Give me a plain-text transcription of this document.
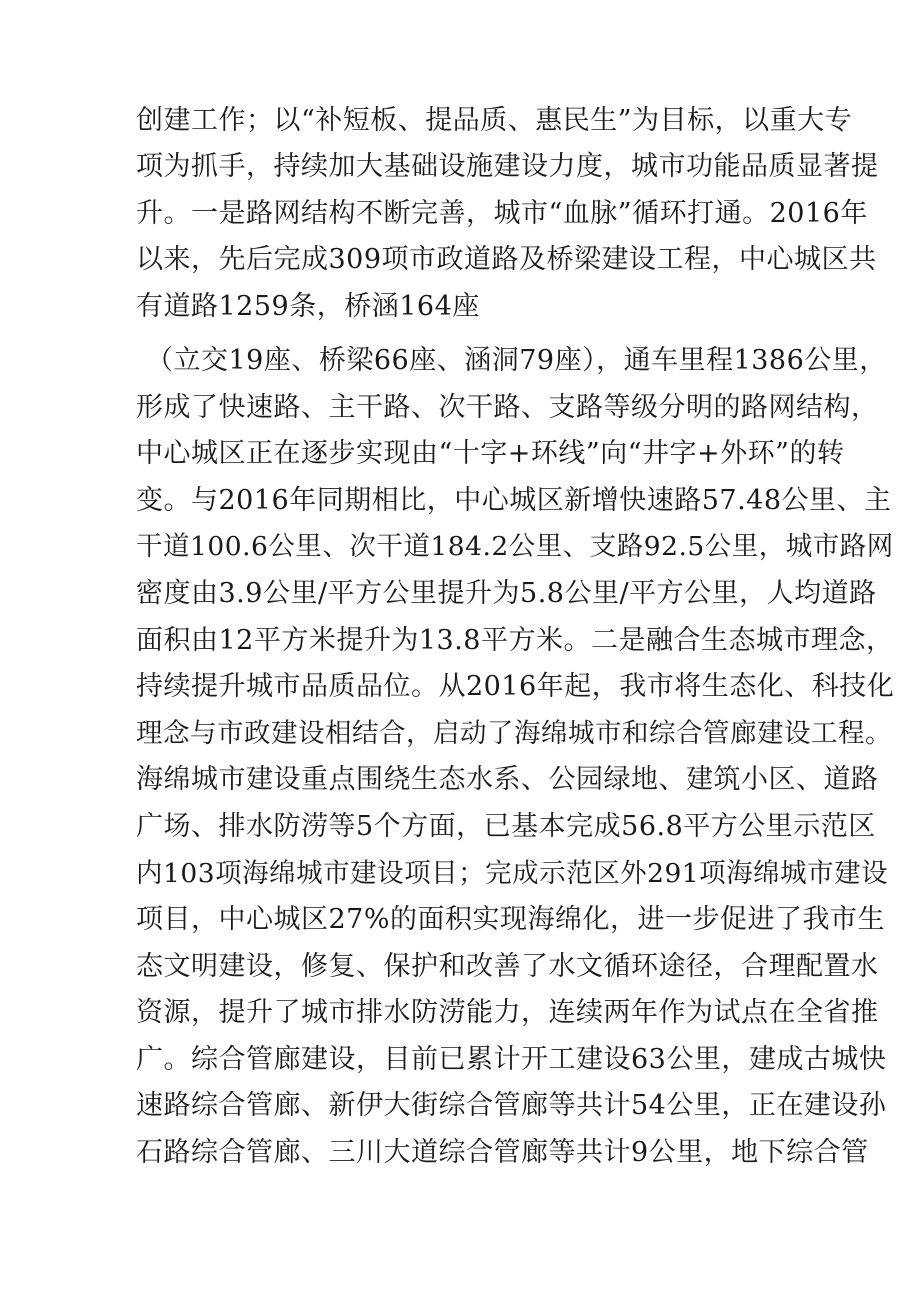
创建工作；以“补短板、提品质、惠民生”为目标，以重大专
项为抓手，持续加大基础设施建设力度，城市功能品质显著提
升。一是路网结构不断完善，城市“血脉”循环打通。2016年
以来，先后完成309项市政道路及桥梁建设工程，中心城区共
有道路1259条，桥涵164座
（立交19座、桥梁66座、涵洞79座），通车里程1386公里，
形成了快速路、主干路、次干路、支路等级分明的路网结构，
中心城区正在逐步实现由“十字+环线”向“井字+外环”的转
变。与2016年同期相比，中心城区新增快速路57.48公里、主
干道100.6公里、次干道184.2公里、支路92.5公里，城市路网
密度由3.9公里/平方公里提升为5.8公里/平方公里，人均道路
面积由12平方米提升为13.8平方米。二是融合生态城市理念，
持续提升城市品质品位。从2016年起，我市将生态化、科技化
理念与市政建设相结合，启动了海绵城市和综合管廊建设工程。
海绵城市建设重点围绕生态水系、公园绿地、建筑小区、道路
广场、排水防涝等5个方面，已基本完成56.8平方公里示范区
内103项海绵城市建设项目；完成示范区外291项海绵城市建设
项目，中心城区27%的面积实现海绵化，进一步促进了我市生
态文明建设，修复、保护和改善了水文循环途径，合理配置水
资源，提升了城市排水防涝能力，连续两年作为试点在全省推
广。综合管廊建设，目前已累计开工建设63公里，建成古城快
速路综合管廊、新伊大街综合管廊等共计54公里，正在建设孙
石路综合管廊、三川大道综合管廊等共计9公里，地下综合管
